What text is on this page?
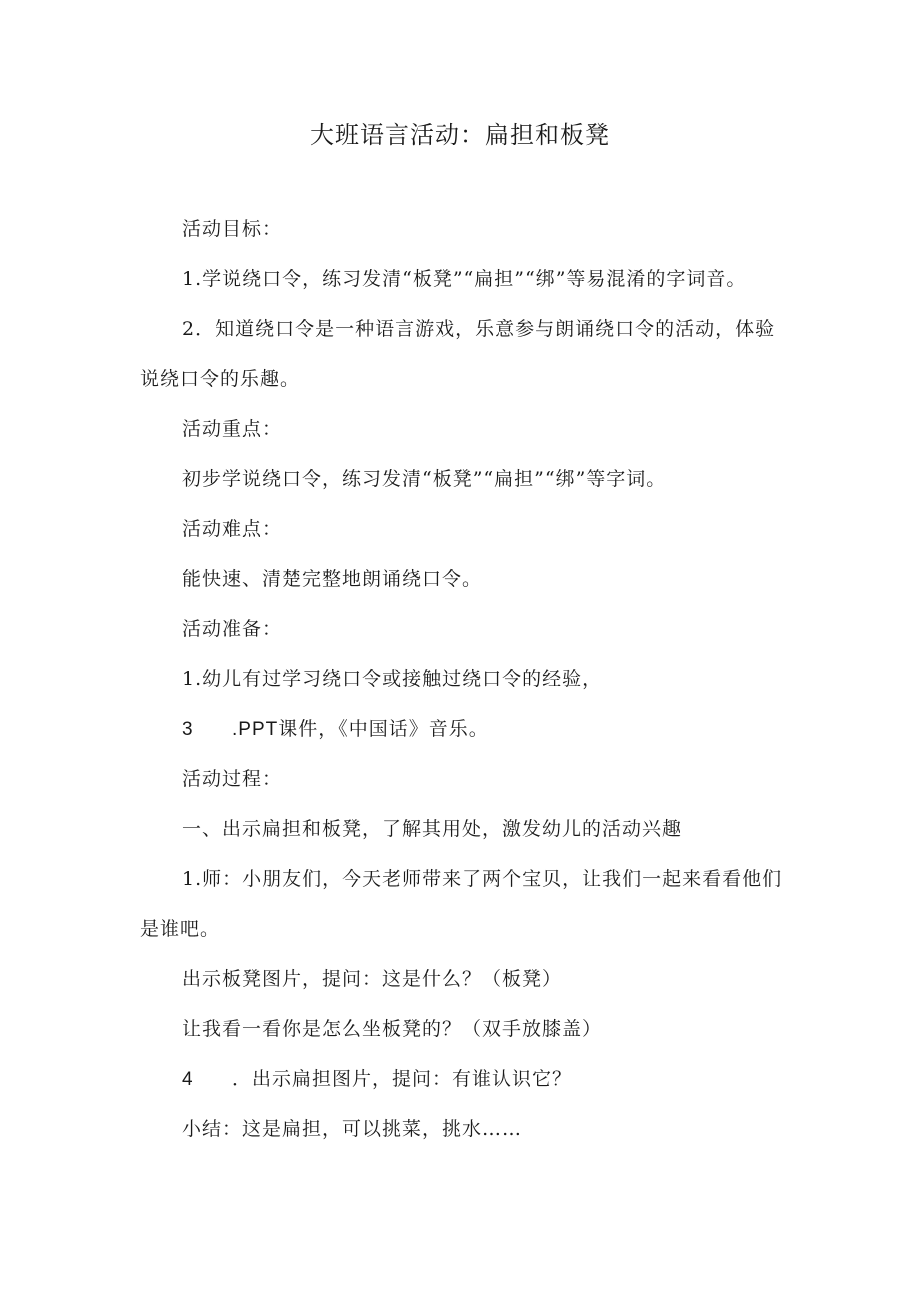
大班语言活动：扁担和板凳
活动目标：
1.学说绕口令，练习发清“板凳”“扁担”“绑”等易混淆的字词音。
2．知道绕口令是一种语言游戏，乐意参与朗诵绕口令的活动，体验
说绕口令的乐趣。
活动重点：
初步学说绕口令，练习发清“板凳”“扁担”“绑”等字词。
活动难点：
能快速、清楚完整地朗诵绕口令。
活动准备：
1.幼儿有过学习绕口令或接触过绕口令的经验，
3 .PPT课件，《中国话》音乐。
活动过程：
一、出示扁担和板凳，了解其用处，激发幼儿的活动兴趣
1.师：小朋友们，今天老师带来了两个宝贝，让我们一起来看看他们
是谁吧。
出示板凳图片，提问：这是什么？（板凳）
让我看一看你是怎么坐板凳的？（双手放膝盖）
4 ．出示扁担图片，提问：有谁认识它？
小结：这是扁担，可以挑菜，挑水……
